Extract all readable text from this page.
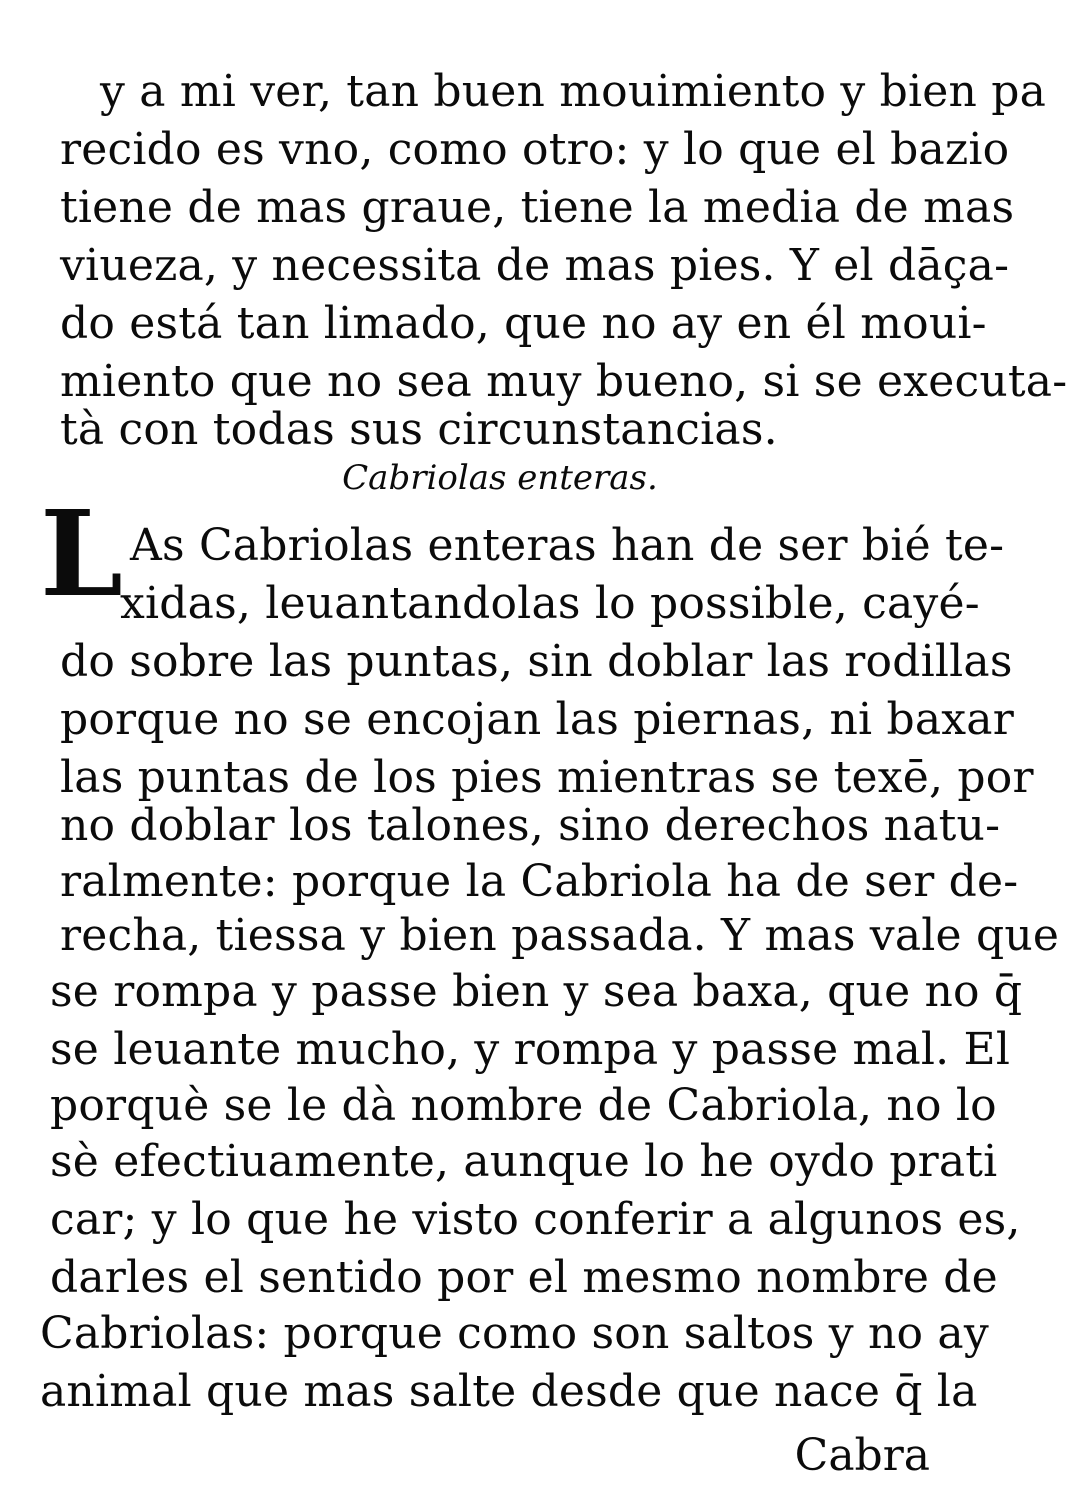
y a mi ver, tan buen mouimiento y bien pa
recido es vno, como otro: y lo que el bazio
tiene de mas graue, tiene la media de mas
viueza, y necessita de mas pies. Y el dāça-
do está tan limado, que no ay en él moui-
miento que no sea muy bueno, si se executa-
tà con todas sus circunstancias.
Cabriolas enteras.
L As Cabriolas enteras han de ser bié te-
xidas, leuantandolas lo possible, cayé-
do sobre las puntas, sin doblar las rodillas
porque no se encojan las piernas, ni baxar
las puntas de los pies mientras se texē, por
no doblar los talones, sino derechos natu-
ralmente: porque la Cabriola ha de ser de-
recha, tiessa y bien passada. Y mas vale que
se rompa y passe bien y sea baxa, que no q̄
se leuante mucho, y rompa y passe mal. El
porquè se le dà nombre de Cabriola, no lo
sè efectiuamente, aunque lo he oydo prati
car; y lo que he visto conferir a algunos es,
darles el sentido por el mesmo nombre de
Cabriolas: porque como son saltos y no ay
animal que mas salte desde que nace q̄ la
Cabra
